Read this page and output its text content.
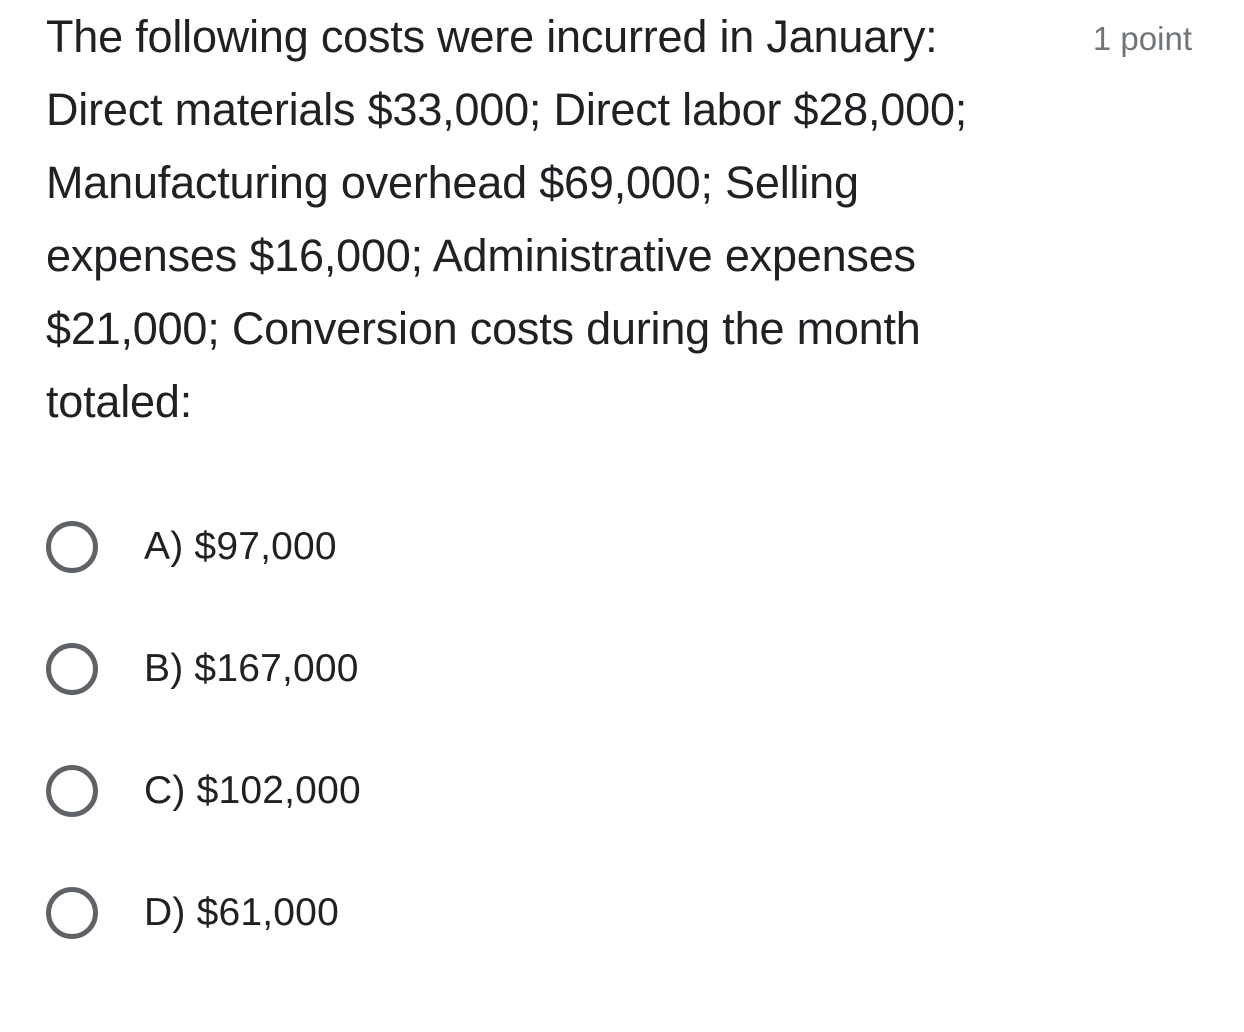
The following costs were incurred in January: Direct materials $33,000; Direct labor $28,000; Manufacturing overhead $69,000; Selling expenses $16,000; Administrative expenses $21,000; Conversion costs during the month totaled:

1 point
A) $97,000
B) $167,000
C) $102,000
D) $61,000
